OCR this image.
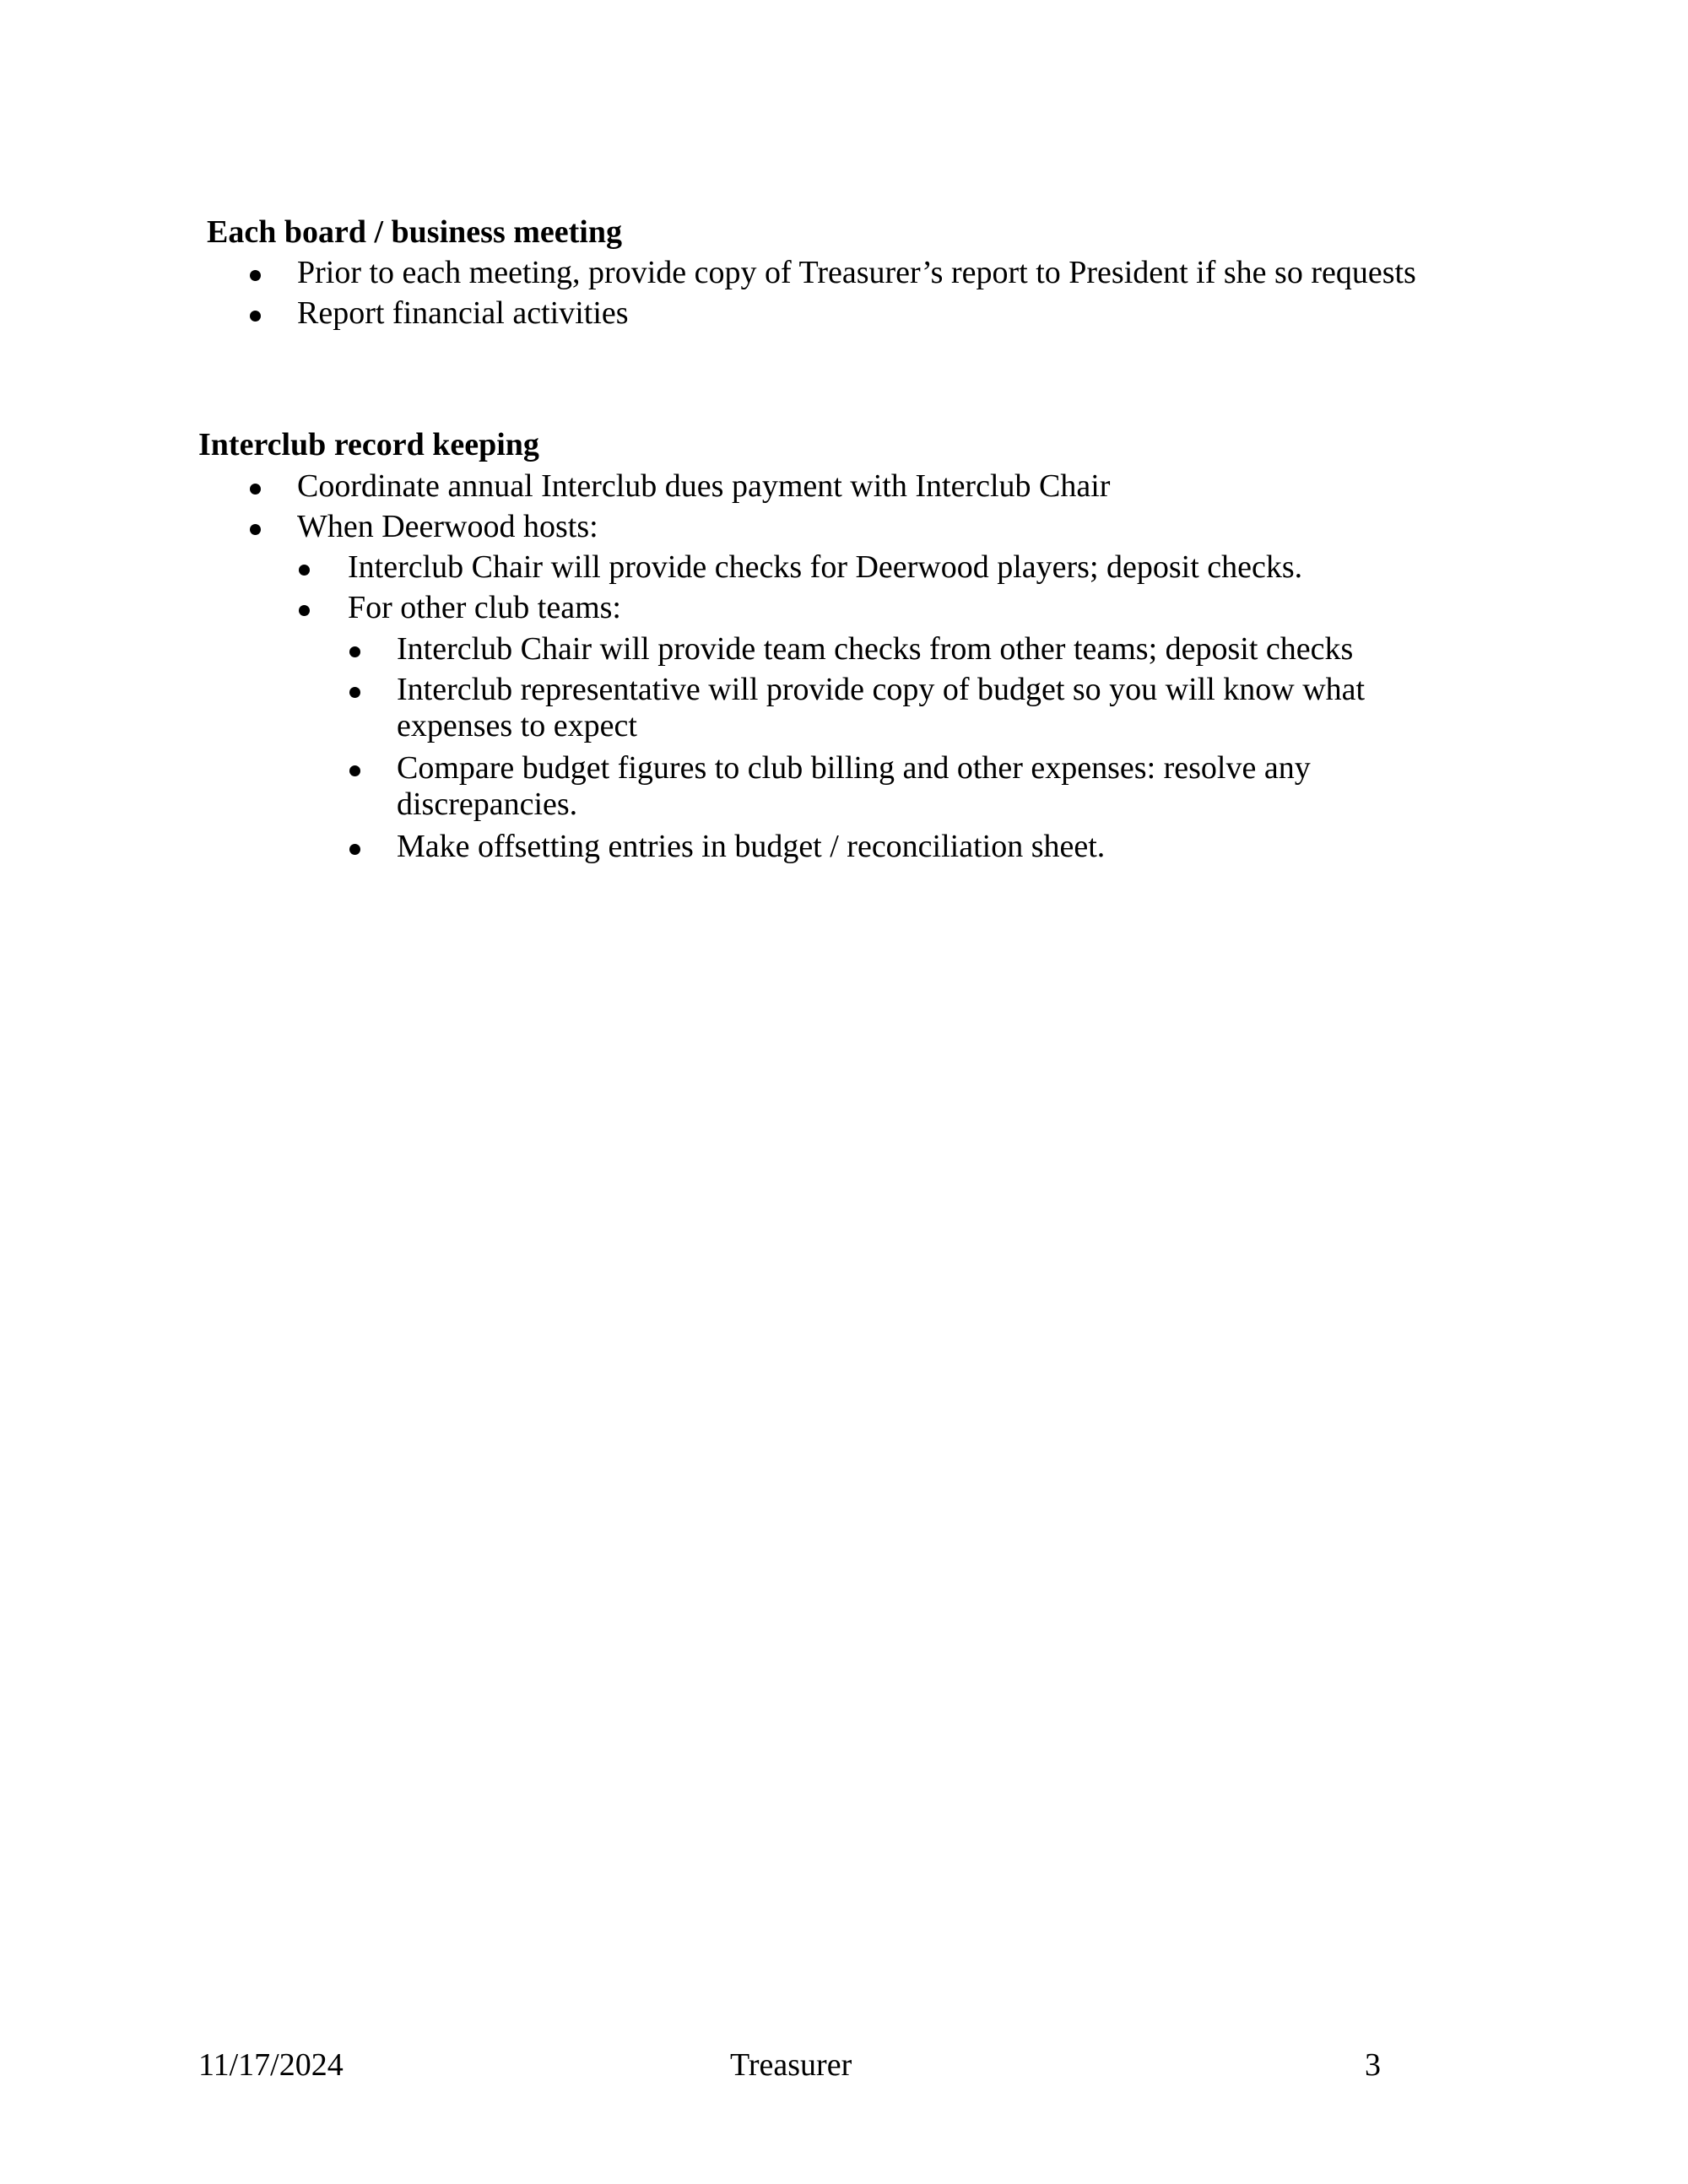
Each board / business meeting
Prior to each meeting, provide copy of Treasurer’s report to President if she so requests
Report financial activities
Interclub record keeping
Coordinate annual Interclub dues payment with Interclub Chair
When Deerwood hosts:
Interclub Chair will provide checks for Deerwood players; deposit checks.
For other club teams:
Interclub Chair will provide team checks from other teams; deposit checks
Interclub representative will provide copy of budget so you will know what expenses to expect
Compare budget figures to club billing and other expenses: resolve any discrepancies.
Make offsetting entries in budget / reconciliation sheet.
11/17/2024	Treasurer	3
